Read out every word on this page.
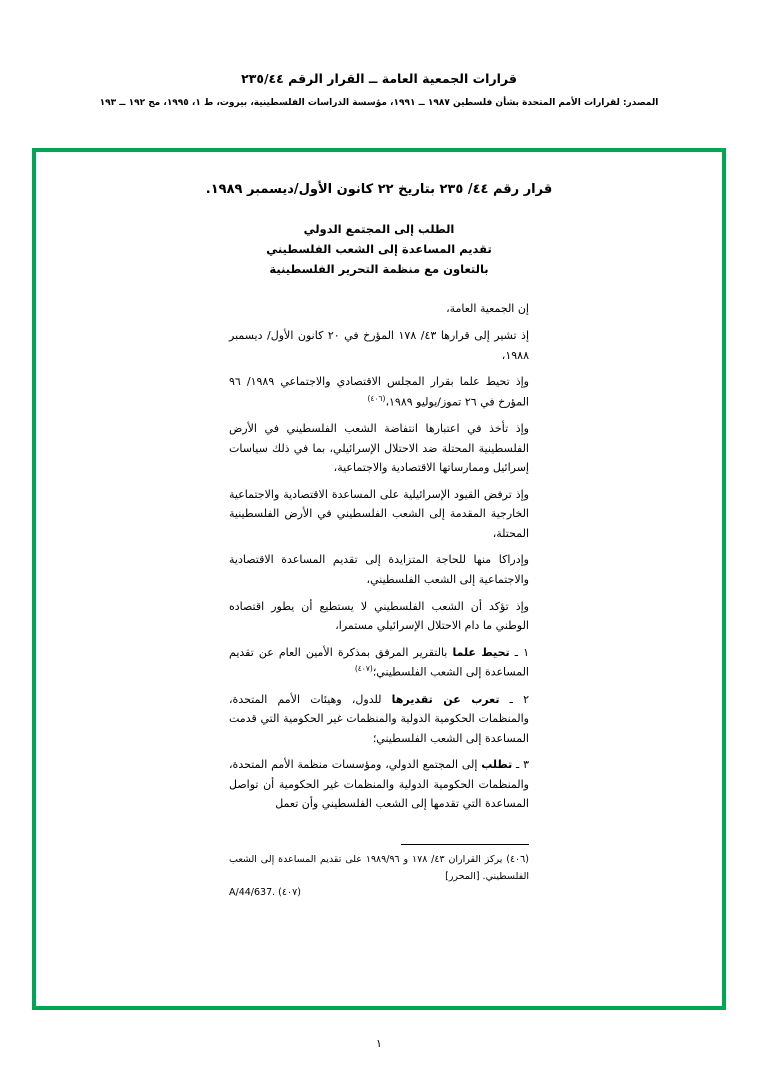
قرارات الجمعية العامة ــ القرار الرقم ٢٣٥/٤٤
المصدر: لقرارات الأمم المتحدة بشأن فلسطين ١٩٨٧ ــ ١٩٩١، مؤسسة الدراسات الفلسطينية، بيروت، ط ١، ١٩٩٥، مج ١٩٢ ــ ١٩٣
قرار رقم ٤٤/ ٢٣٥ بتاريخ ٢٢ كانون الأول/ديسمبر ١٩٨٩.
الطلب إلى المجتمع الدولي
تقديم المساعدة إلى الشعب الفلسطيني
بالتعاون مع منظمة التحرير الفلسطينية
إن الجمعية العامة،
إذ تشير إلى قرارها ٤٣/ ١٧٨ المؤرخ في ٢٠ كانون الأول/ ديسمبر ١٩٨٨،
وإذ تحيط علما بقرار المجلس الاقتصادي والاجتماعي ١٩٨٩/ ٩٦ المؤرخ في ٢٦ تموز/يوليو ١٩٨٩،$^{(٤٠٦)}$
وإذ تأخذ في اعتبارها انتفاضة الشعب الفلسطيني في الأرض الفلسطينية المحتلة ضد الاحتلال الإسرائيلي، بما في ذلك سياسات إسرائيل وممارساتها الاقتصادية والاجتماعية،
وإذ ترفض القيود الإسرائيلية على المساعدة الاقتصادية والاجتماعية الخارجية المقدمة إلى الشعب الفلسطيني في الأرض الفلسطينية المحتلة،
وإدراكا منها للحاجة المتزايدة إلى تقديم المساعدة الاقتصادية والاجتماعية إلى الشعب الفلسطيني،
وإذ تؤكد أن الشعب الفلسطيني لا يستطيع أن يطور اقتصاده الوطني ما دام الاحتلال الإسرائيلي مستمرا،
١ ـ تحيط علما بالتقرير المرفق بمذكرة الأمين العام عن تقديم المساعدة إلى الشعب الفلسطيني؛$^{(٤٠٧)}$
٢ ـ تعرب عن تقديرها للدول، وهيئات الأمم المتحدة، والمنظمات الحكومية الدولية والمنظمات غير الحكومية التي قدمت المساعدة إلى الشعب الفلسطيني؛
٣ ـ تطلب إلى المجتمع الدولي، ومؤسسات منظمة الأمم المتحدة، والمنظمات الحكومية الدولية والمنظمات غير الحكومية أن تواصل المساعدة التي تقدمها إلى الشعب الفلسطيني وأن تعمل
(٤٠٦) يركز القراران ٤٣/ ١٧٨ و ١٩٨٩/٩٦ على تقديم المساعدة إلى الشعب الفلسطيني. [المحرر]
A/44/637. (٤٠٧)
١
